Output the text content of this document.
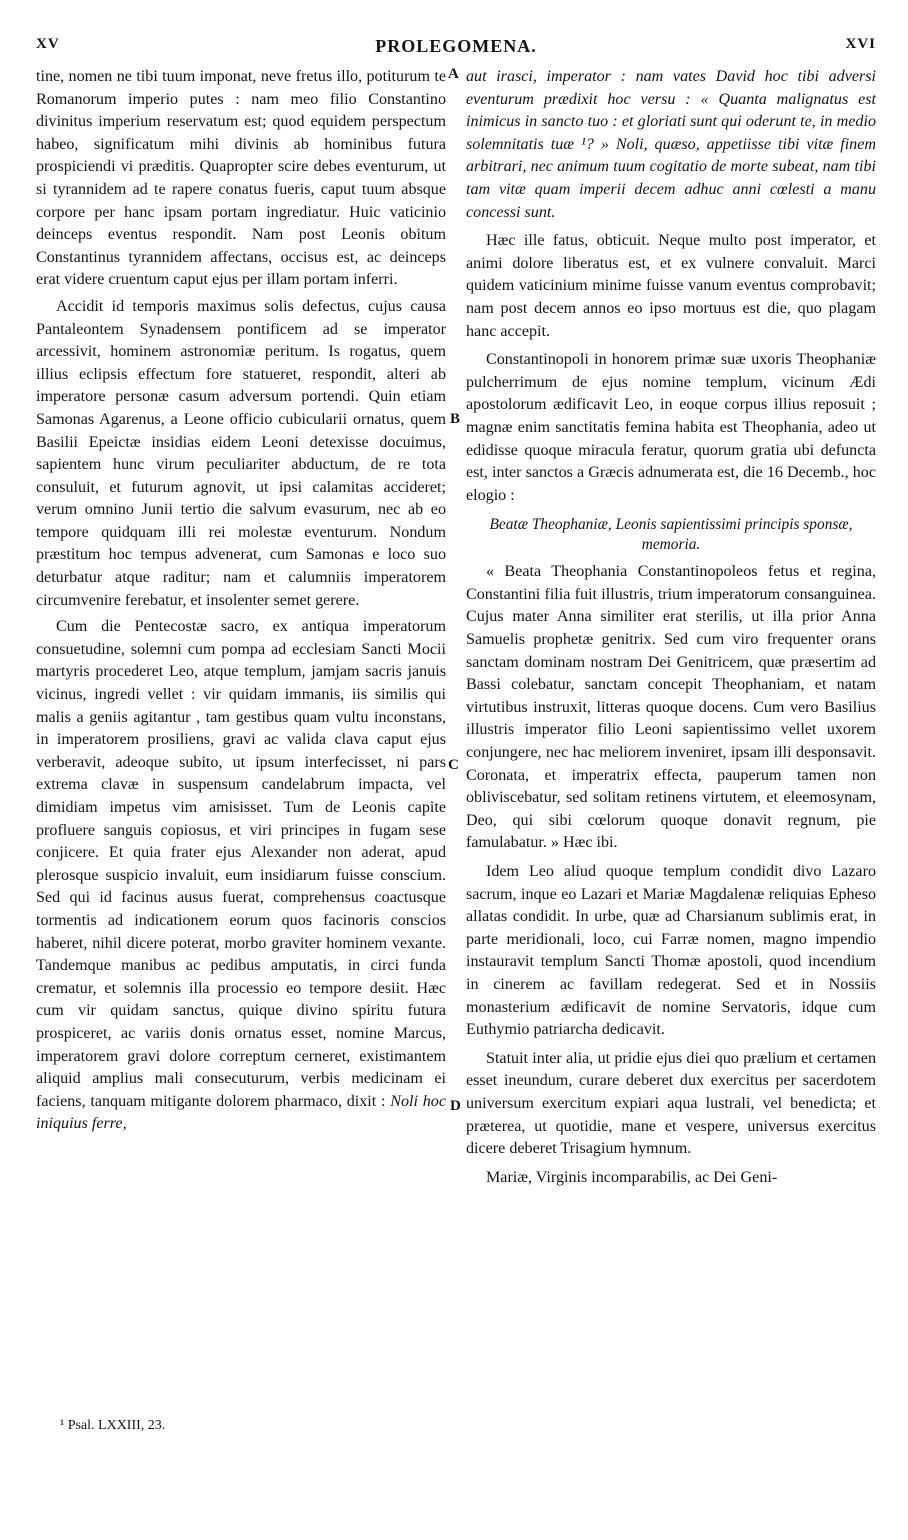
XV	PROLEGOMENA.	XVI
A
B
C
D

tine, nomen ne tibi tuum imponat, neve fretus illo, potiturum te Romanorum imperio putes : nam meo filio Constantino divinitus imperium reservatum est; quod equidem perspectum habeo, significatum mihi divinis ab hominibus futura prospiciendi vi præditis. Quapropter scire debes eventurum, ut si tyrannidem ad te rapere conatus fueris, caput tuum absque corpore per hanc ipsam portam ingrediatur. Huic vaticinio deinceps eventus respondit. Nam post Leonis obitum Constantinus tyrannidem affectans, occisus est, ac deinceps erat videre cruentum caput ejus per illam portam inferri.

Accidit id temporis maximus solis defectus, cujus causa Pantaleontem Synadensem pontificem ad se imperator arcessivit, hominem astronomiæ peritum. Is rogatus, quem illius eclipsis effectum fore statueret, respondit, alteri ab imperatore personæ casum adversum portendi. Quin etiam Samonas Agarenus, a Leone officio cubicularii ornatus, quem Basilii Epeictæ insidias eidem Leoni detexisse docuimus, sapientem hunc virum peculiariter abductum, de re tota consuluit, et futurum agnovit, ut ipsi calamitas accideret; verum omnino Junii tertio die salvum evasurum, nec ab eo tempore quidquam illi rei molestæ eventurum. Nondum præstitum hoc tempus advenerat, cum Samonas e loco suo deturbatur atque raditur; nam et calumniis imperatorem circumvenire ferebatur, et insolenter semet gerere.

Cum die Pentecostæ sacro, ex antiqua imperatorum consuetudine, solemni cum pompa ad ecclesiam Sancti Mocii martyris procederet Leo, atque templum, jamjam sacris januis vicinus, ingredi vellet : vir quidam immanis, iis similis qui malis a geniis agitantur , tam gestibus quam vultu inconstans, in imperatorem prosiliens, gravi ac valida clava caput ejus verberavit, adeoque subito, ut ipsum interfecisset, ni pars extrema clavæ in suspensum candelabrum impacta, vel dimidiam impetus vim amisisset. Tum de Leonis capite profluere sanguis copiosus, et viri principes in fugam sese conjicere. Et quia frater ejus Alexander non aderat, apud plerosque suspicio invaluit, eum insidiarum fuisse conscium. Sed qui id facinus ausus fuerat, comprehensus coactusque tormentis ad indicationem eorum quos facinoris conscios haberet, nihil dicere poterat, morbo graviter hominem vexante. Tandemque manibus ac pedibus amputatis, in circi funda crematur, et solemnis illa processio eo tempore desiit. Hæc cum vir quidam sanctus, quique divino spiritu futura prospiceret, ac variis donis ornatus esset, nomine Marcus, imperatorem gravi dolore correptum cerneret, existimantem aliquid amplius mali consecuturum, verbis medicinam ei faciens, tanquam mitigante dolorem pharmaco, dixit : Noli hoc iniquius ferre,

aut irasci, imperator : nam vates David hoc tibi adversi eventurum prædixit hoc versu : « Quanta malignatus est inimicus in sancto tuo : et gloriati sunt qui oderunt te, in medio solemnitatis tuæ ¹? » Noli, quæso, appetiisse tibi vitæ finem arbitrari, nec animum tuum cogitatio de morte subeat, nam tibi tam vitæ quam imperii decem adhuc anni cœlesti a manu concessi sunt.

Hæc ille fatus, obticuit. Neque multo post imperator, et animi dolore liberatus est, et ex vulnere convaluit. Marci quidem vaticinium minime fuisse vanum eventus comprobavit; nam post decem annos eo ipso mortuus est die, quo plagam hanc accepit.

Constantinopoli in honorem primæ suæ uxoris Theophaniæ pulcherrimum de ejus nomine templum, vicinum Ædi apostolorum ædificavit Leo, in eoque corpus illius reposuit ; magnæ enim sanctitatis femina habita est Theophania, adeo ut edidisse quoque miracula feratur, quorum gratia ubi defuncta est, inter sanctos a Græcis adnumerata est, die 16 Decemb., hoc elogio :

Beatæ Theophaniæ, Leonis sapientissimi principis sponsæ, memoria.

« Beata Theophania Constantinopoleos fetus et regina, Constantini filia fuit illustris, trium imperatorum consanguinea. Cujus mater Anna similiter erat sterilis, ut illa prior Anna Samuelis prophetæ genitrix. Sed cum viro frequenter orans sanctam dominam nostram Dei Genitricem, quæ præsertim ad Bassi colebatur, sanctam concepit Theophaniam, et natam virtutibus instruxit, litteras quoque docens. Cum vero Basilius illustris imperator filio Leoni sapientissimo vellet uxorem conjungere, nec hac meliorem inveniret, ipsam illi desponsavit. Coronata, et imperatrix effecta, pauperum tamen non obliviscebatur, sed solitam retinens virtutem, et eleemosynam, Deo, qui sibi cœlorum quoque donavit regnum, pie famulabatur. » Hæc ibi.

Idem Leo aliud quoque templum condidit divo Lazaro sacrum, inque eo Lazari et Mariæ Magdalenæ reliquias Epheso allatas condidit. In urbe, quæ ad Charsianum sublimis erat, in parte meridionali, loco, cui Farræ nomen, magno impendio instauravit templum Sancti Thomæ apostoli, quod incendium in cinerem ac favillam redegerat. Sed et in Nossiis monasterium ædificavit de nomine Servatoris, idque cum Euthymio patriarcha dedicavit.

Statuit inter alia, ut pridie ejus diei quo prælium et certamen esset ineundum, curare deberet dux exercitus per sacerdotem universum exercitum expiari aqua lustrali, vel benedicta; et præterea, ut quotidie, mane et vespere, universus exercitus dicere deberet Trisagium hymnum.

Mariæ, Virginis incomparabilis, ac Dei Geni-

¹ Psal. LXXIII, 23.
